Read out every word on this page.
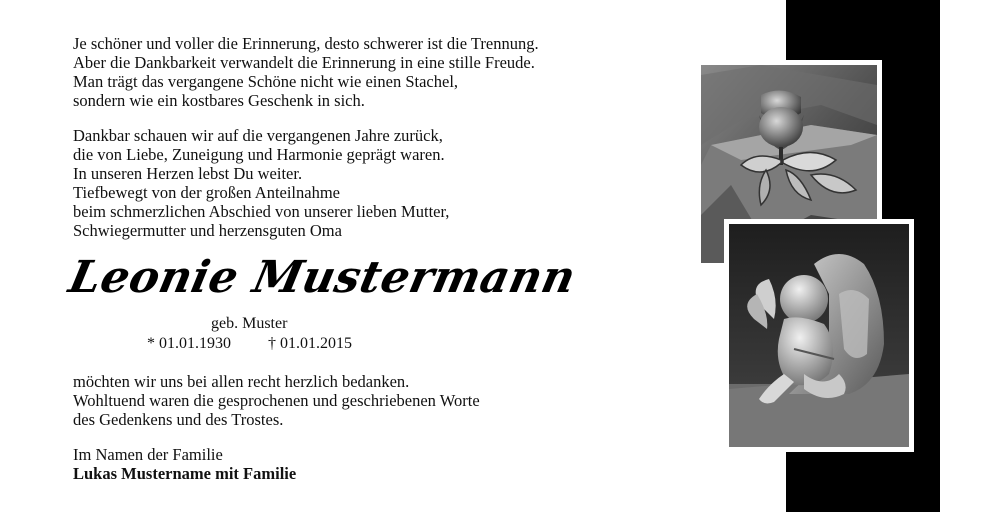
Je schöner und voller die Erinnerung, desto schwerer ist die Trennung.
Aber die Dankbarkeit verwandelt die Erinnerung in eine stille Freude.
Man trägt das vergangene Schöne nicht wie einen Stachel,
sondern wie ein kostbares Geschenk in sich.

Dankbar schauen wir auf die vergangenen Jahre zurück,
die von Liebe, Zuneigung und Harmonie geprägt waren.
In unseren Herzen lebst Du weiter.
Tiefbewegt von der großen Anteilnahme
beim schmerzlichen Abschied von unserer lieben Mutter,
Schwiegermutter und herzensguten Oma

Leonie Mustermann
geb. Muster
* 01.01.1930 † 01.01.2015

möchten wir uns bei allen recht herzlich bedanken.
Wohltuend waren die gesprochenen und geschriebenen Worte
des Gedenkens und des Trostes.

Im Namen der Familie
Lukas Mustername mit Familie
